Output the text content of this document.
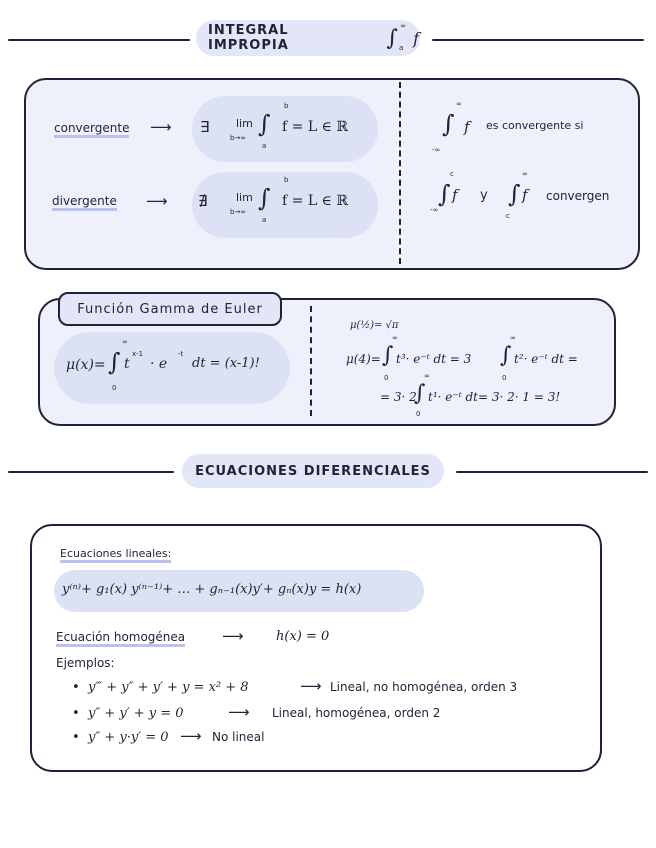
INTEGRAL IMPROPIA	∫ a
∞
f
convergente ⟶ ∃ lim
b→∞ ∫
b
a
f = L ∈ ℝ
divergente ⟶ ∄	lim
b→∞ ∫
b
a
f = L ∈ ℝ
∫
∞
-∞
f es convergente si
∫
c
-∞
f y ∫
∞
c
f convergen
Función Gamma de Euler
μ(x)= ∫
∞
0
t
x-1
· e
-t
dt = (x-1)!
μ(½)= √π
μ(4)= ∫
∞
0
t³· e⁻ᵗ dt = 3 ∫
∞
0
t²· e⁻ᵗ dt =
= 3· 2
∫
∞
0
t¹· e⁻ᵗ dt= 3· 2· 1 = 3!
ECUACIONES DIFERENCIALES
Ecuaciones lineales:
y⁽ⁿ⁾+ g₁(x) y⁽ⁿ⁻¹⁾+ … + gₙ₋₁(x)y′+ gₙ(x)y = h(x)
Ecuación homogénea ⟶ h(x) = 0
Ejemplos:
• y‴ + y″ + y′ + y = x² + 8	⟶ Lineal, no homogénea, orden 3
• y″ + y′ + y = 0	⟶ Lineal, homogénea, orden 2
• y″ + y·y′ = 0 ⟶ No lineal
